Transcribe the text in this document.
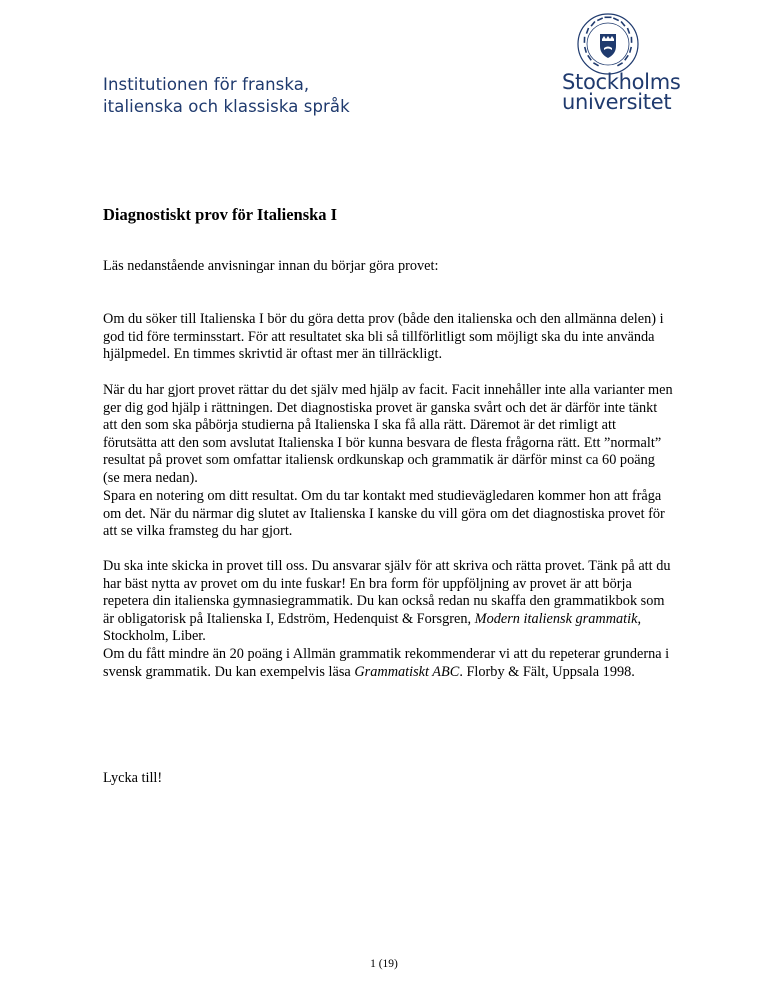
Institutionen för franska,
italienska och klassiska språk
Stockholms
universitet
Diagnostiskt prov för Italienska I

Läs nedanstående anvisningar innan du börjar göra provet:

Om du söker till Italienska I bör du göra detta prov (både den italienska och den allmänna delen) i god tid före terminsstart. För att resultatet ska bli så tillförlitligt som möjligt ska du inte använda hjälpmedel. En timmes skrivtid är oftast mer än tillräckligt.

När du har gjort provet rättar du det själv med hjälp av facit. Facit innehåller inte alla varianter men ger dig god hjälp i rättningen. Det diagnostiska provet är ganska svårt och det är därför inte tänkt att den som ska påbörja studierna på Italienska I ska få alla rätt. Däremot är det rimligt att förutsätta att den som avslutat Italienska I bör kunna besvara de flesta frågorna rätt. Ett ”normalt” resultat på provet som omfattar italiensk ordkunskap och grammatik är därför minst ca 60 poäng (se mera nedan).

Spara en notering om ditt resultat. Om du tar kontakt med studievägledaren kommer hon att fråga om det. När du närmar dig slutet av Italienska I kanske du vill göra om det diagnostiska provet för att se vilka framsteg du har gjort.

Du ska inte skicka in provet till oss. Du ansvarar själv för att skriva och rätta provet. Tänk på att du har bäst nytta av provet om du inte fuskar! En bra form för uppföljning av provet är att börja repetera din italienska gymnasiegrammatik. Du kan också redan nu skaffa den grammatikbok som är obligatorisk på Italienska I, Edström, Hedenquist & Forsgren, Modern italiensk grammatik, Stockholm, Liber.

Om du fått mindre än 20 poäng i Allmän grammatik rekommenderar vi att du repeterar grunderna i svensk grammatik. Du kan exempelvis läsa Grammatiskt ABC. Florby & Fält, Uppsala 1998.

Lycka till!

1 (19)
